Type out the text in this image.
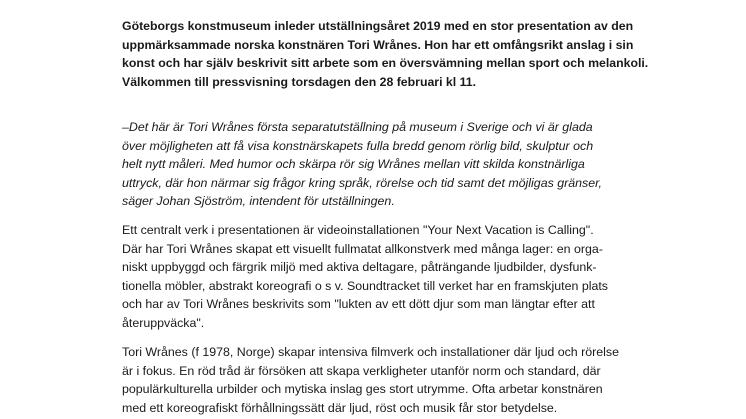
Göteborgs konstmuseum inleder utställningsåret 2019 med en stor presentation av den
uppmärksammade norska konstnären Tori Wrånes. Hon har ett omfångsrikt anslag i sin
konst och har själv beskrivit sitt arbete som en översvämning mellan sport och melankoli.
Välkommen till pressvisning torsdagen den 28 februari kl 11.
–Det här är Tori Wrånes första separatutställning på museum i Sverige och vi är glada
över möjligheten att få visa konstnärskapets fulla bredd genom rörlig bild, skulptur och
helt nytt måleri. Med humor och skärpa rör sig Wrånes mellan vitt skilda konstnärliga
uttryck, där hon närmar sig frågor kring språk, rörelse och tid samt det möjligas gränser,
säger Johan Sjöström, intendent för utställningen.
Ett centralt verk i presentationen är videoinstallationen "Your Next Vacation is Calling".
Där har Tori Wrånes skapat ett visuellt fullmatat allkonstverk med många lager: en orga-
niskt uppbyggd och färgrik miljö med aktiva deltagare, påträngande ljudbilder, dysfunk-
tionella möbler, abstrakt koreografi o s v. Soundtracket till verket har en framskjuten plats
och har av Tori Wrånes beskrivits som "lukten av ett dött djur som man längtar efter att
återuppväcka".
Tori Wrånes (f 1978, Norge) skapar intensiva filmverk och installationer där ljud och rörelse
är i fokus. En röd tråd är försöken att skapa verkligheter utanför norm och standard, där
populärkulturella urbilder och mytiska inslag ges stort utrymme. Ofta arbetar konstnären
med ett koreografiskt förhållningssätt där ljud, röst och musik får stor betydelse.
